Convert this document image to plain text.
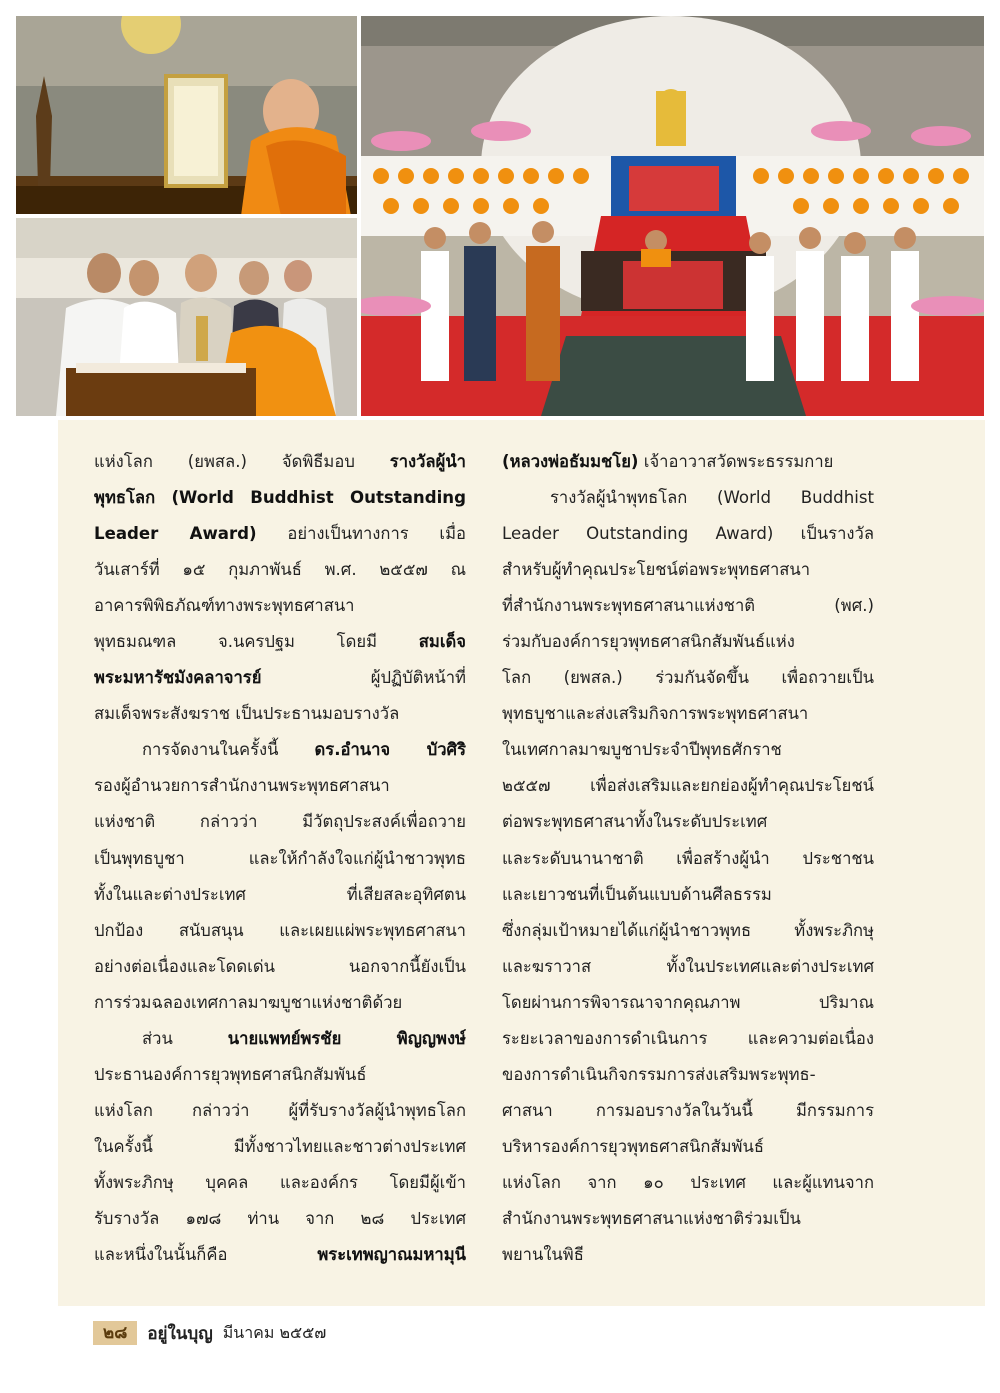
แห่งโลก (ยพสล.) จัดพิธีมอบ รางวัลผู้นำ
พุทธโลก (World Buddhist Outstanding
Leader Award) อย่างเป็นทางการ เมื่อ
วันเสาร์ที่ ๑๕ กุมภาพันธ์ พ.ศ. ๒๕๕๗ ณ
อาคารพิพิธภัณฑ์ทางพระพุทธศาสนา
พุทธมณฑล จ.นครปฐม โดยมี สมเด็จ
พระมหารัชมังคลาจารย์ ผู้ปฏิบัติหน้าที่
สมเด็จพระสังฆราช เป็นประธานมอบรางวัล
การจัดงานในครั้งนี้ ดร.อำนาจ บัวศิริ
รองผู้อำนวยการสำนักงานพระพุทธศาสนา
แห่งชาติ กล่าวว่า มีวัตถุประสงค์เพื่อถวาย
เป็นพุทธบูชา และให้กำลังใจแก่ผู้นำชาวพุทธ
ทั้งในและต่างประเทศ ที่เสียสละอุทิศตน
ปกป้อง สนับสนุน และเผยแผ่พระพุทธศาสนา
อย่างต่อเนื่องและโดดเด่น นอกจากนี้ยังเป็น
การร่วมฉลองเทศกาลมาฆบูชาแห่งชาติด้วย
ส่วน นายแพทย์พรชัย พิญญพงษ์
ประธานองค์การยุวพุทธศาสนิกสัมพันธ์
แห่งโลก กล่าวว่า ผู้ที่รับรางวัลผู้นำพุทธโลก
ในครั้งนี้ มีทั้งชาวไทยและชาวต่างประเทศ
ทั้งพระภิกษุ บุคคล และองค์กร โดยมีผู้เข้า
รับรางวัล ๑๗๘ ท่าน จาก ๒๘ ประเทศ
และหนึ่งในนั้นก็คือ พระเทพญาณมหามุนี
(หลวงพ่อธัมมชโย) เจ้าอาวาสวัดพระธรรมกาย
รางวัลผู้นำพุทธโลก (World Buddhist
Leader Outstanding Award) เป็นรางวัล
สำหรับผู้ทำคุณประโยชน์ต่อพระพุทธศาสนา
ที่สำนักงานพระพุทธศาสนาแห่งชาติ (พศ.)
ร่วมกับองค์การยุวพุทธศาสนิกสัมพันธ์แห่ง
โลก (ยพสล.) ร่วมกันจัดขึ้น เพื่อถวายเป็น
พุทธบูชาและส่งเสริมกิจการพระพุทธศาสนา
ในเทศกาลมาฆบูชาประจำปีพุทธศักราช
๒๕๕๗ เพื่อส่งเสริมและยกย่องผู้ทำคุณประโยชน์
ต่อพระพุทธศาสนาทั้งในระดับประเทศ
และระดับนานาชาติ เพื่อสร้างผู้นำ ประชาชน
และเยาวชนที่เป็นต้นแบบด้านศีลธรรม
ซึ่งกลุ่มเป้าหมายได้แก่ผู้นำชาวพุทธ ทั้งพระภิกษุ
และฆราวาส ทั้งในประเทศและต่างประเทศ
โดยผ่านการพิจารณาจากคุณภาพ ปริมาณ
ระยะเวลาของการดำเนินการ และความต่อเนื่อง
ของการดำเนินกิจกรรมการส่งเสริมพระพุทธ-
ศาสนา การมอบรางวัลในวันนี้ มีกรรมการ
บริหารองค์การยุวพุทธศาสนิกสัมพันธ์
แห่งโลก จาก ๑๐ ประเทศ และผู้แทนจาก
สำนักงานพระพุทธศาสนาแห่งชาติร่วมเป็น
พยานในพิธี
๒๘	อยู่ในบุญ มีนาคม ๒๕๕๗
